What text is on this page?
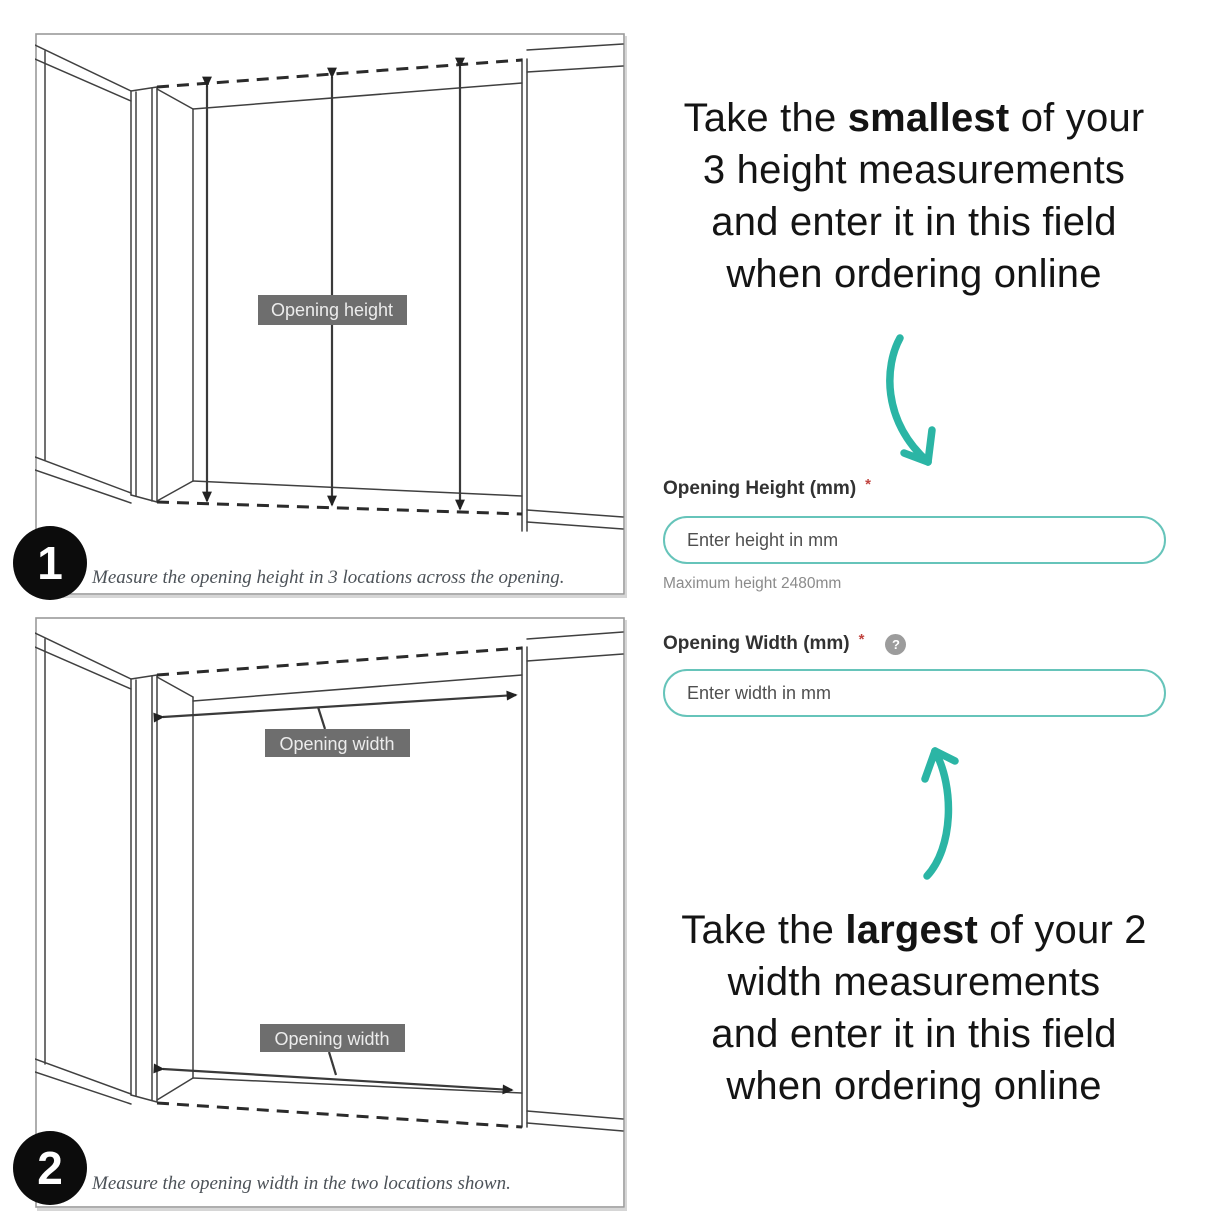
Opening height
Measure the opening height in 3 locations across the opening.
1
Opening width
Opening width
Measure the opening width in the two locations shown.
2
Take the smallest of your
3 height measurements
and enter it in this field
when ordering online
Opening Height (mm) *
Enter height in mm
Maximum height 2480mm
Opening Width (mm) *	?
Enter width in mm
Take the largest of your 2
width measurements
and enter it in this field
when ordering online
